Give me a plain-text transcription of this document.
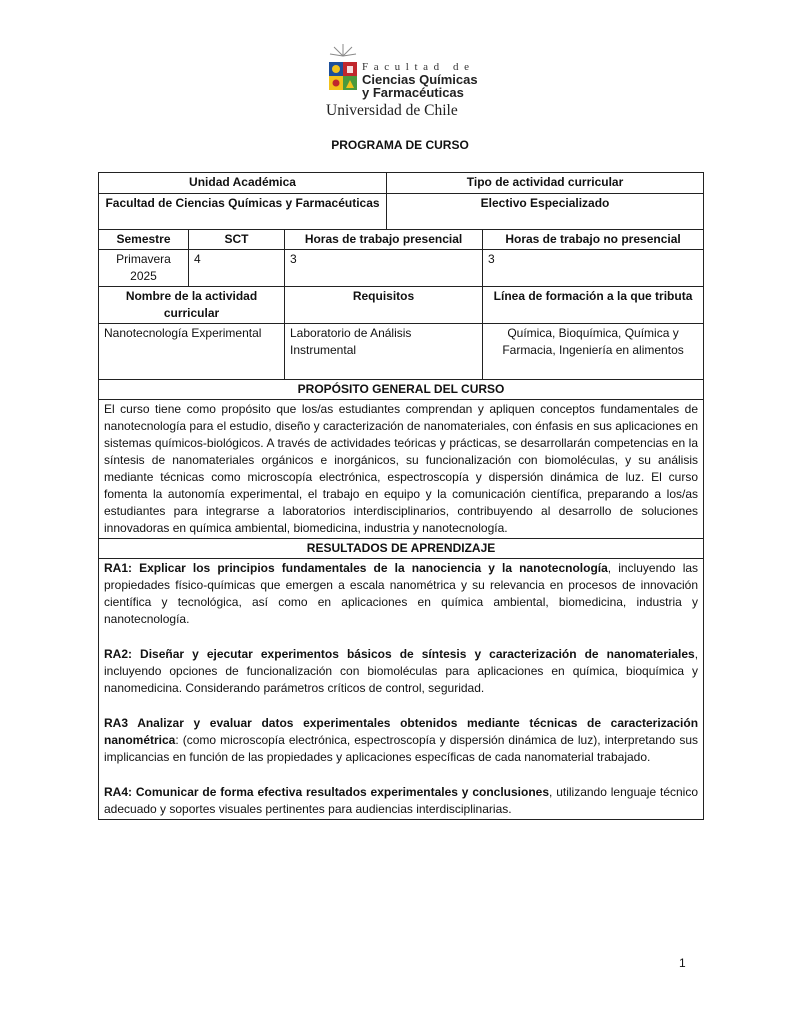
Facultad de
Ciencias Químicas
y Farmacéuticas
Universidad de Chile
PROGRAMA DE CURSO
Unidad Académica			Tipo de actividad curricular	
Facultad de Ciencias Químicas y Farmacéuticas			Electivo Especializado	
Semestre	SCT	Horas de trabajo presencial		Horas de trabajo no presencial
Primavera 2025	4	3		3
Nombre de la actividad curricular		Requisitos		Línea de formación a la que tributa
Nanotecnología Experimental		Laboratorio de Análisis Instrumental		Química, Bioquímica, Química y Farmacia, Ingeniería en alimentos
PROPÓSITO GENERAL DEL CURSO				
El curso tiene como propósito que los/as estudiantes comprendan y apliquen conceptos fundamentales de nanotecnología para el estudio, diseño y caracterización de nanomateriales, con énfasis en sus aplicaciones en sistemas químicos-biológicos. A través de actividades teóricas y prácticas, se desarrollarán competencias en la síntesis de nanomateriales orgánicos e inorgánicos, su funcionalización con biomoléculas, y su análisis mediante técnicas como microscopía electrónica, espectroscopía y dispersión dinámica de luz. El curso fomenta la autonomía experimental, el trabajo en equipo y la comunicación científica, preparando a los/as estudiantes para integrarse a laboratorios interdisciplinarios, contribuyendo al desarrollo de soluciones innovadoras en química ambiental, biomedicina, industria y nanotecnología.				
RESULTADOS DE APRENDIZAJE				

RA1: Explicar los principios fundamentales de la nanociencia y la nanotecnología, incluyendo las propiedades físico-químicas que emergen a escala nanométrica y su relevancia en procesos de innovación científica y tecnológica, así como en aplicaciones en química ambiental, biomedicina, industria y nanotecnología.

RA2: Diseñar y ejecutar experimentos básicos de síntesis y caracterización de nanomateriales, incluyendo opciones de funcionalización con biomoléculas para aplicaciones en química, bioquímica y nanomedicina. Considerando parámetros críticos de control, seguridad.

RA3 Analizar y evaluar datos experimentales obtenidos mediante técnicas de caracterización nanométrica: (como microscopía electrónica, espectroscopía y dispersión dinámica de luz), interpretando sus implicancias en función de las propiedades y aplicaciones específicas de cada nanomaterial trabajado.

RA4: Comunicar de forma efectiva resultados experimentales y conclusiones, utilizando lenguaje técnico adecuado y soportes visuales pertinentes para audiencias interdisciplinarias.				

1
